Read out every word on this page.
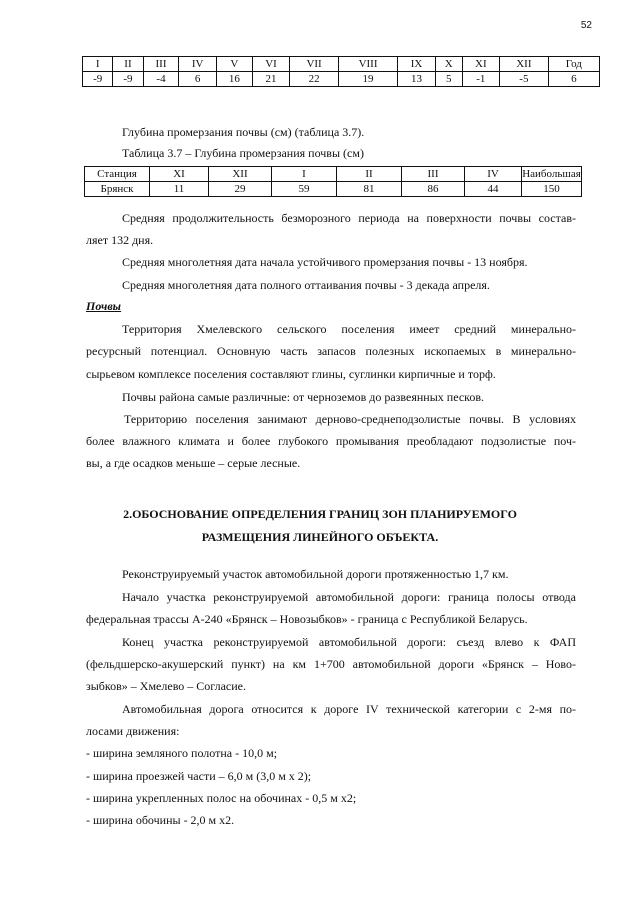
52
I	II	III	IV	V	VI	VII	VIII	IX	X	XI	XII	Год
-9	-9	-4	6	16	21	22	19	13	5	-1	-5	6
Глубина промерзания почвы (см) (таблица 3.7).
Таблица 3.7 – Глубина промерзания почвы (см)
Станция	XI	XII	I	II	III	IV	Наибольшая
Брянск	11	29	59	81	86	44	150
Средняя продолжительность безморозного периода на поверхности почвы состав-
ляет 132 дня.
Средняя многолетняя дата начала устойчивого промерзания почвы - 13 ноября.
Средняя многолетняя дата полного оттаивания почвы - 3 декада апреля.
Почвы
Территория Хмелевского сельского поселения имеет средний минерально-
ресурсный потенциал. Основную часть запасов полезных ископаемых в минерально-
сырьевом комплексе поселения составляют глины, суглинки кирпичные и торф.
Почвы района самые различные: от черноземов до развеянных песков.
Территорию поселения занимают дерново-среднеподзолистые почвы. В условиях
более влажного климата и более глубокого промывания преобладают подзолистые поч-
вы, а где осадков меньше – серые лесные.
2.ОБОСНОВАНИЕ ОПРЕДЕЛЕНИЯ ГРАНИЦ ЗОН ПЛАНИРУЕМОГО
РАЗМЕЩЕНИЯ ЛИНЕЙНОГО ОБЪЕКТА.
Реконструируемый участок автомобильной дороги протяженностью 1,7 км.
Начало участка реконструируемой автомобильной дороги: граница полосы отвода
федеральная трассы А-240 «Брянск – Новозыбков» - граница с Республикой Беларусь.
Конец участка реконструируемой автомобильной дороги: съезд влево к ФАП
(фельдшерско-акушерский пункт) на км 1+700 автомобильной дороги «Брянск – Ново-
зыбков» – Хмелево – Согласие.
Автомобильная дорога относится к дороге IV технической категории с 2-мя по-
лосами движения:
- ширина земляного полотна - 10,0 м;
- ширина проезжей части – 6,0 м (3,0 м х 2);
- ширина укрепленных полос на обочинах - 0,5 м х2;
- ширина обочины - 2,0 м х2.
